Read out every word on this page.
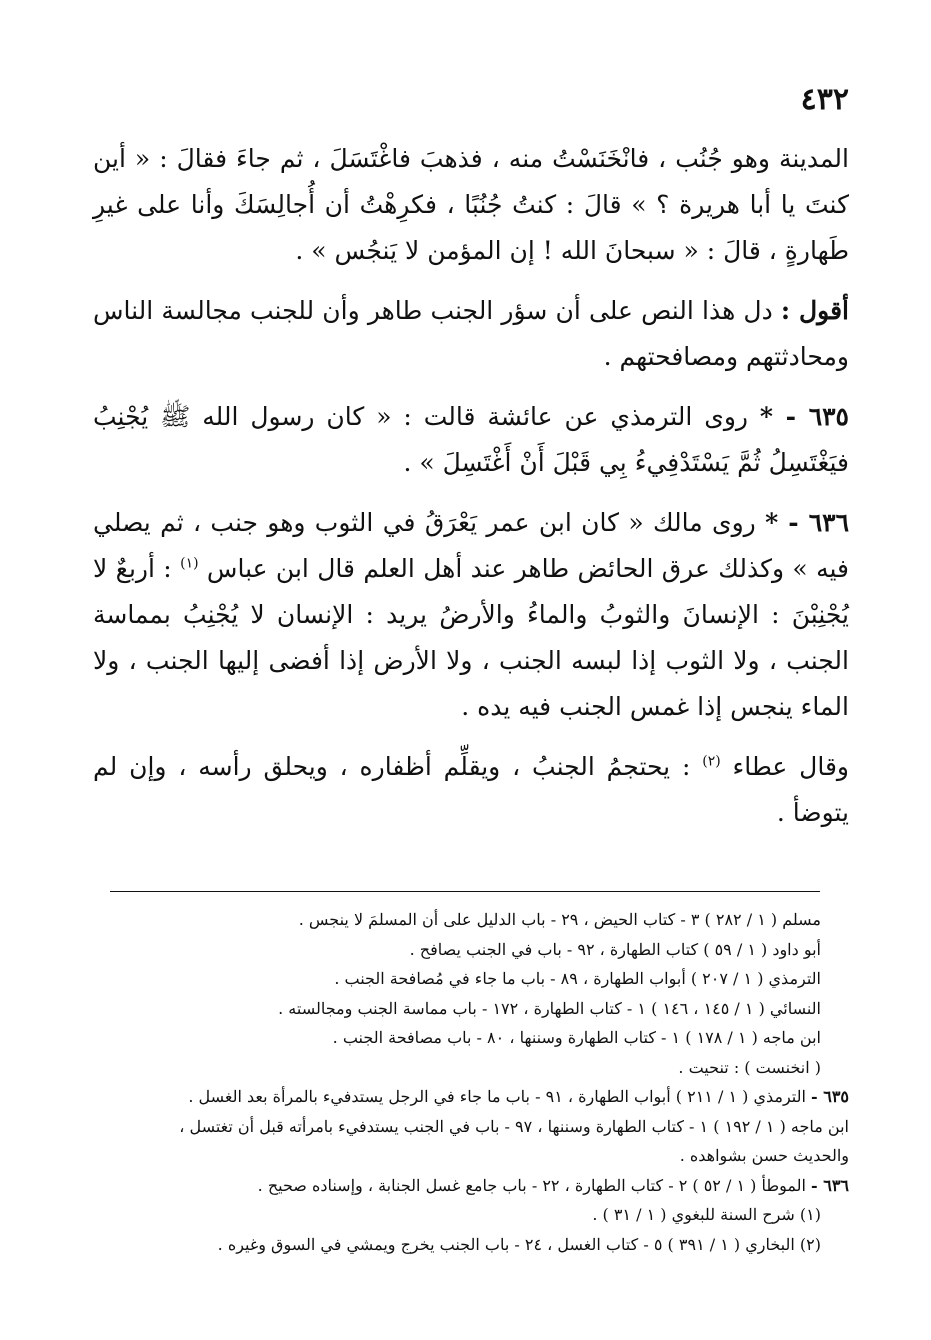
٤٣٢

المدينة وهو جُنُب ، فانْخَنَسْتُ منه ، فذهبَ فاغْتَسَلَ ، ثم جاءَ فقالَ : « أين كنتَ يا أبا هريرة ؟ » قالَ : كنتُ جُنُبًا ، فكرِهْتُ أن أُجالِسَكَ وأنا على غيرِ طَهارةٍ ، قالَ : « سبحانَ الله ! إن المؤمن لا يَنجُس » .

أقول : دل هذا النص على أن سؤر الجنب طاهر وأن للجنب مجالسة الناس ومحادثتهم ومصافحتهم .

٦٣٥ - * روى الترمذي عن عائشة قالت : « كان رسول الله ﷺ يُجْنِبُ فيَغْتَسِلُ ثُمَّ يَسْتَدْفِيءُ بِي قَبْلَ أَنْ أَغْتَسِلَ » .

٦٣٦ - * روى مالك « كان ابن عمر يَعْرَقُ في الثوب وهو جنب ، ثم يصلي فيه » وكذلك عرق الحائض طاهر عند أهل العلم قال ابن عباس $^{(١)}$ : أربعٌ لا يُجْنِبْنَ : الإنسانَ والثوبُ والماءُ والأرضُ يريد : الإنسان لا يُجْنِبُ بمماسة الجنب ، ولا الثوب إذا لبسه الجنب ، ولا الأرض إذا أفضى إليها الجنب ، ولا الماء ينجس إذا غمس الجنب فيه يده .

وقال عطاء $^{(٢)}$ : يحتجمُ الجنبُ ، ويقلِّم أظفاره ، ويحلق رأسه ، وإن لم يتوضأ .

مسلم ( ١ / ٢٨٢ ) ٣ - كتاب الحيض ، ٢٩ - باب الدليل على أن المسلمَ لا ينجس .

أبو داود ( ١ / ٥٩ ) كتاب الطهارة ، ٩٢ - باب في الجنب يصافح .

الترمذي ( ١ / ٢٠٧ ) أبواب الطهارة ، ٨٩ - باب ما جاء في مُصافحة الجنب .

النسائي ( ١ / ١٤٥ ، ١٤٦ ) ١ - كتاب الطهارة ، ١٧٢ - باب مماسة الجنب ومجالسته .

ابن ماجه ( ١ / ١٧٨ ) ١ - كتاب الطهارة وسننها ، ٨٠ - باب مصافحة الجنب .

( انخنست ) : تنحيت .

٦٣٥ - الترمذي ( ١ / ٢١١ ) أبواب الطهارة ، ٩١ - باب ما جاء في الرجل يستدفيء بالمرأة بعد الغسل .

ابن ماجه ( ١ / ١٩٢ ) ١ - كتاب الطهارة وسننها ، ٩٧ - باب في الجنب يستدفيء بامرأته قبل أن تغتسل ،

والحديث حسن بشواهده .

٦٣٦ - الموطأ ( ١ / ٥٢ ) ٢ - كتاب الطهارة ، ٢٢ - باب جامع غسل الجنابة ، وإسناده صحيح .

(١) شرح السنة للبغوي ( ١ / ٣١ ) .

(٢) البخاري ( ١ / ٣٩١ ) ٥ - كتاب الغسل ، ٢٤ - باب الجنب يخرج ويمشي في السوق وغيره .
